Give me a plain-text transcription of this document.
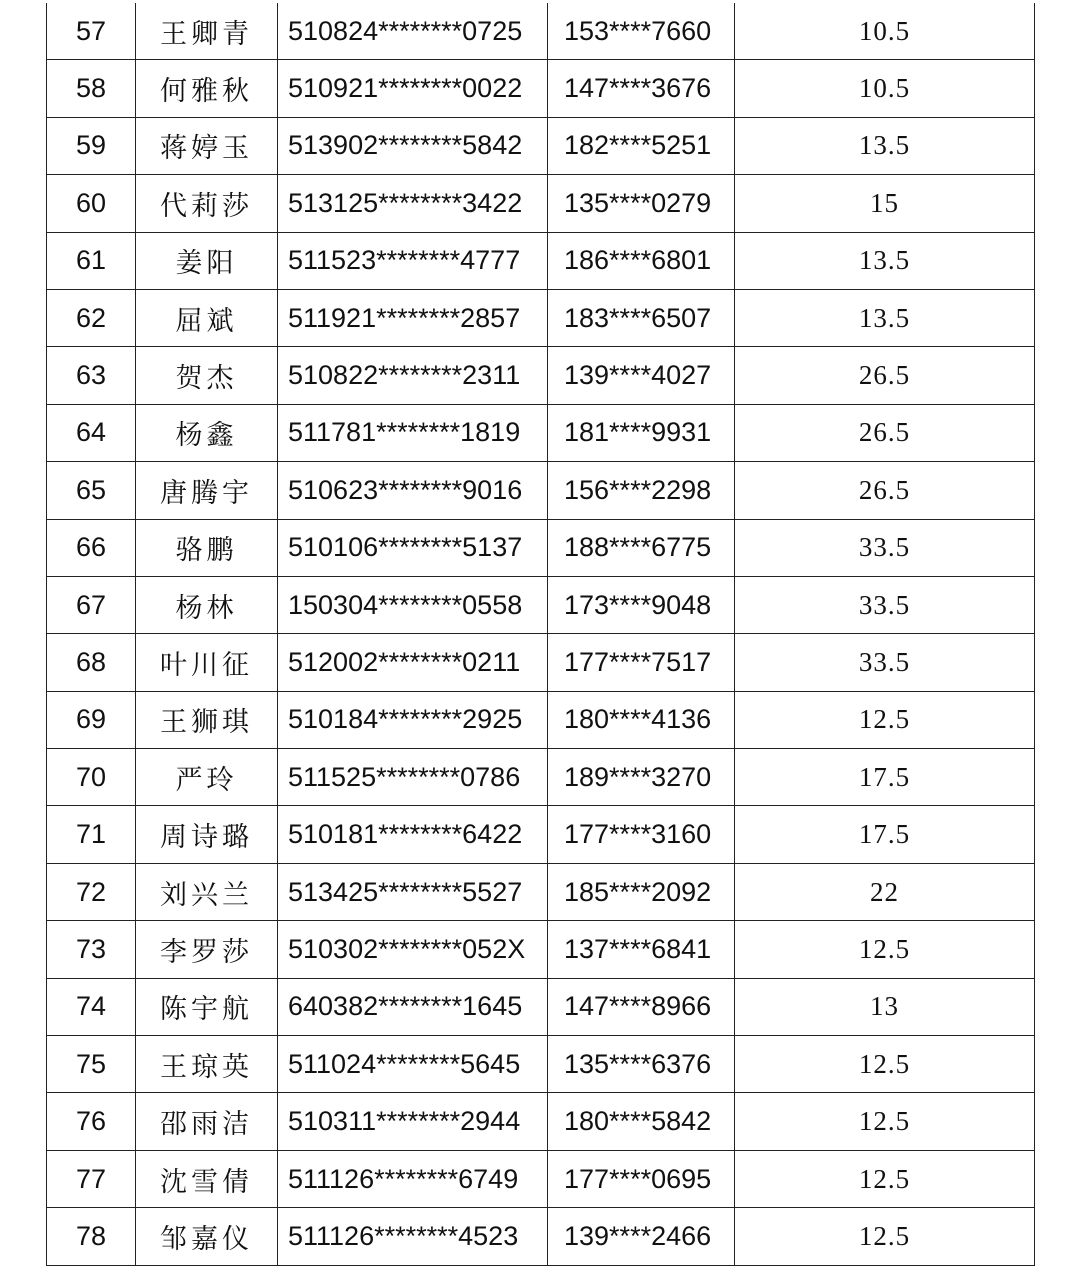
57	王卿青	510824********0725	153****7660	10.5
58	何雅秋	510921********0022	147****3676	10.5
59	蒋婷玉	513902********5842	182****5251	13.5
60	代莉莎	513125********3422	135****0279	15
61	姜阳	511523********4777	186****6801	13.5
62	屈斌	511921********2857	183****6507	13.5
63	贺杰	510822********2311	139****4027	26.5
64	杨鑫	511781********1819	181****9931	26.5
65	唐腾宇	510623********9016	156****2298	26.5
66	骆鹏	510106********5137	188****6775	33.5
67	杨林	150304********0558	173****9048	33.5
68	叶川征	512002********0211	177****7517	33.5
69	王狮琪	510184********2925	180****4136	12.5
70	严玲	511525********0786	189****3270	17.5
71	周诗璐	510181********6422	177****3160	17.5
72	刘兴兰	513425********5527	185****2092	22
73	李罗莎	510302********052X	137****6841	12.5
74	陈宇航	640382********1645	147****8966	13
75	王琼英	511024********5645	135****6376	12.5
76	邵雨洁	510311********2944	180****5842	12.5
77	沈雪倩	511126********6749	177****0695	12.5
78	邹嘉仪	511126********4523	139****2466	12.5
